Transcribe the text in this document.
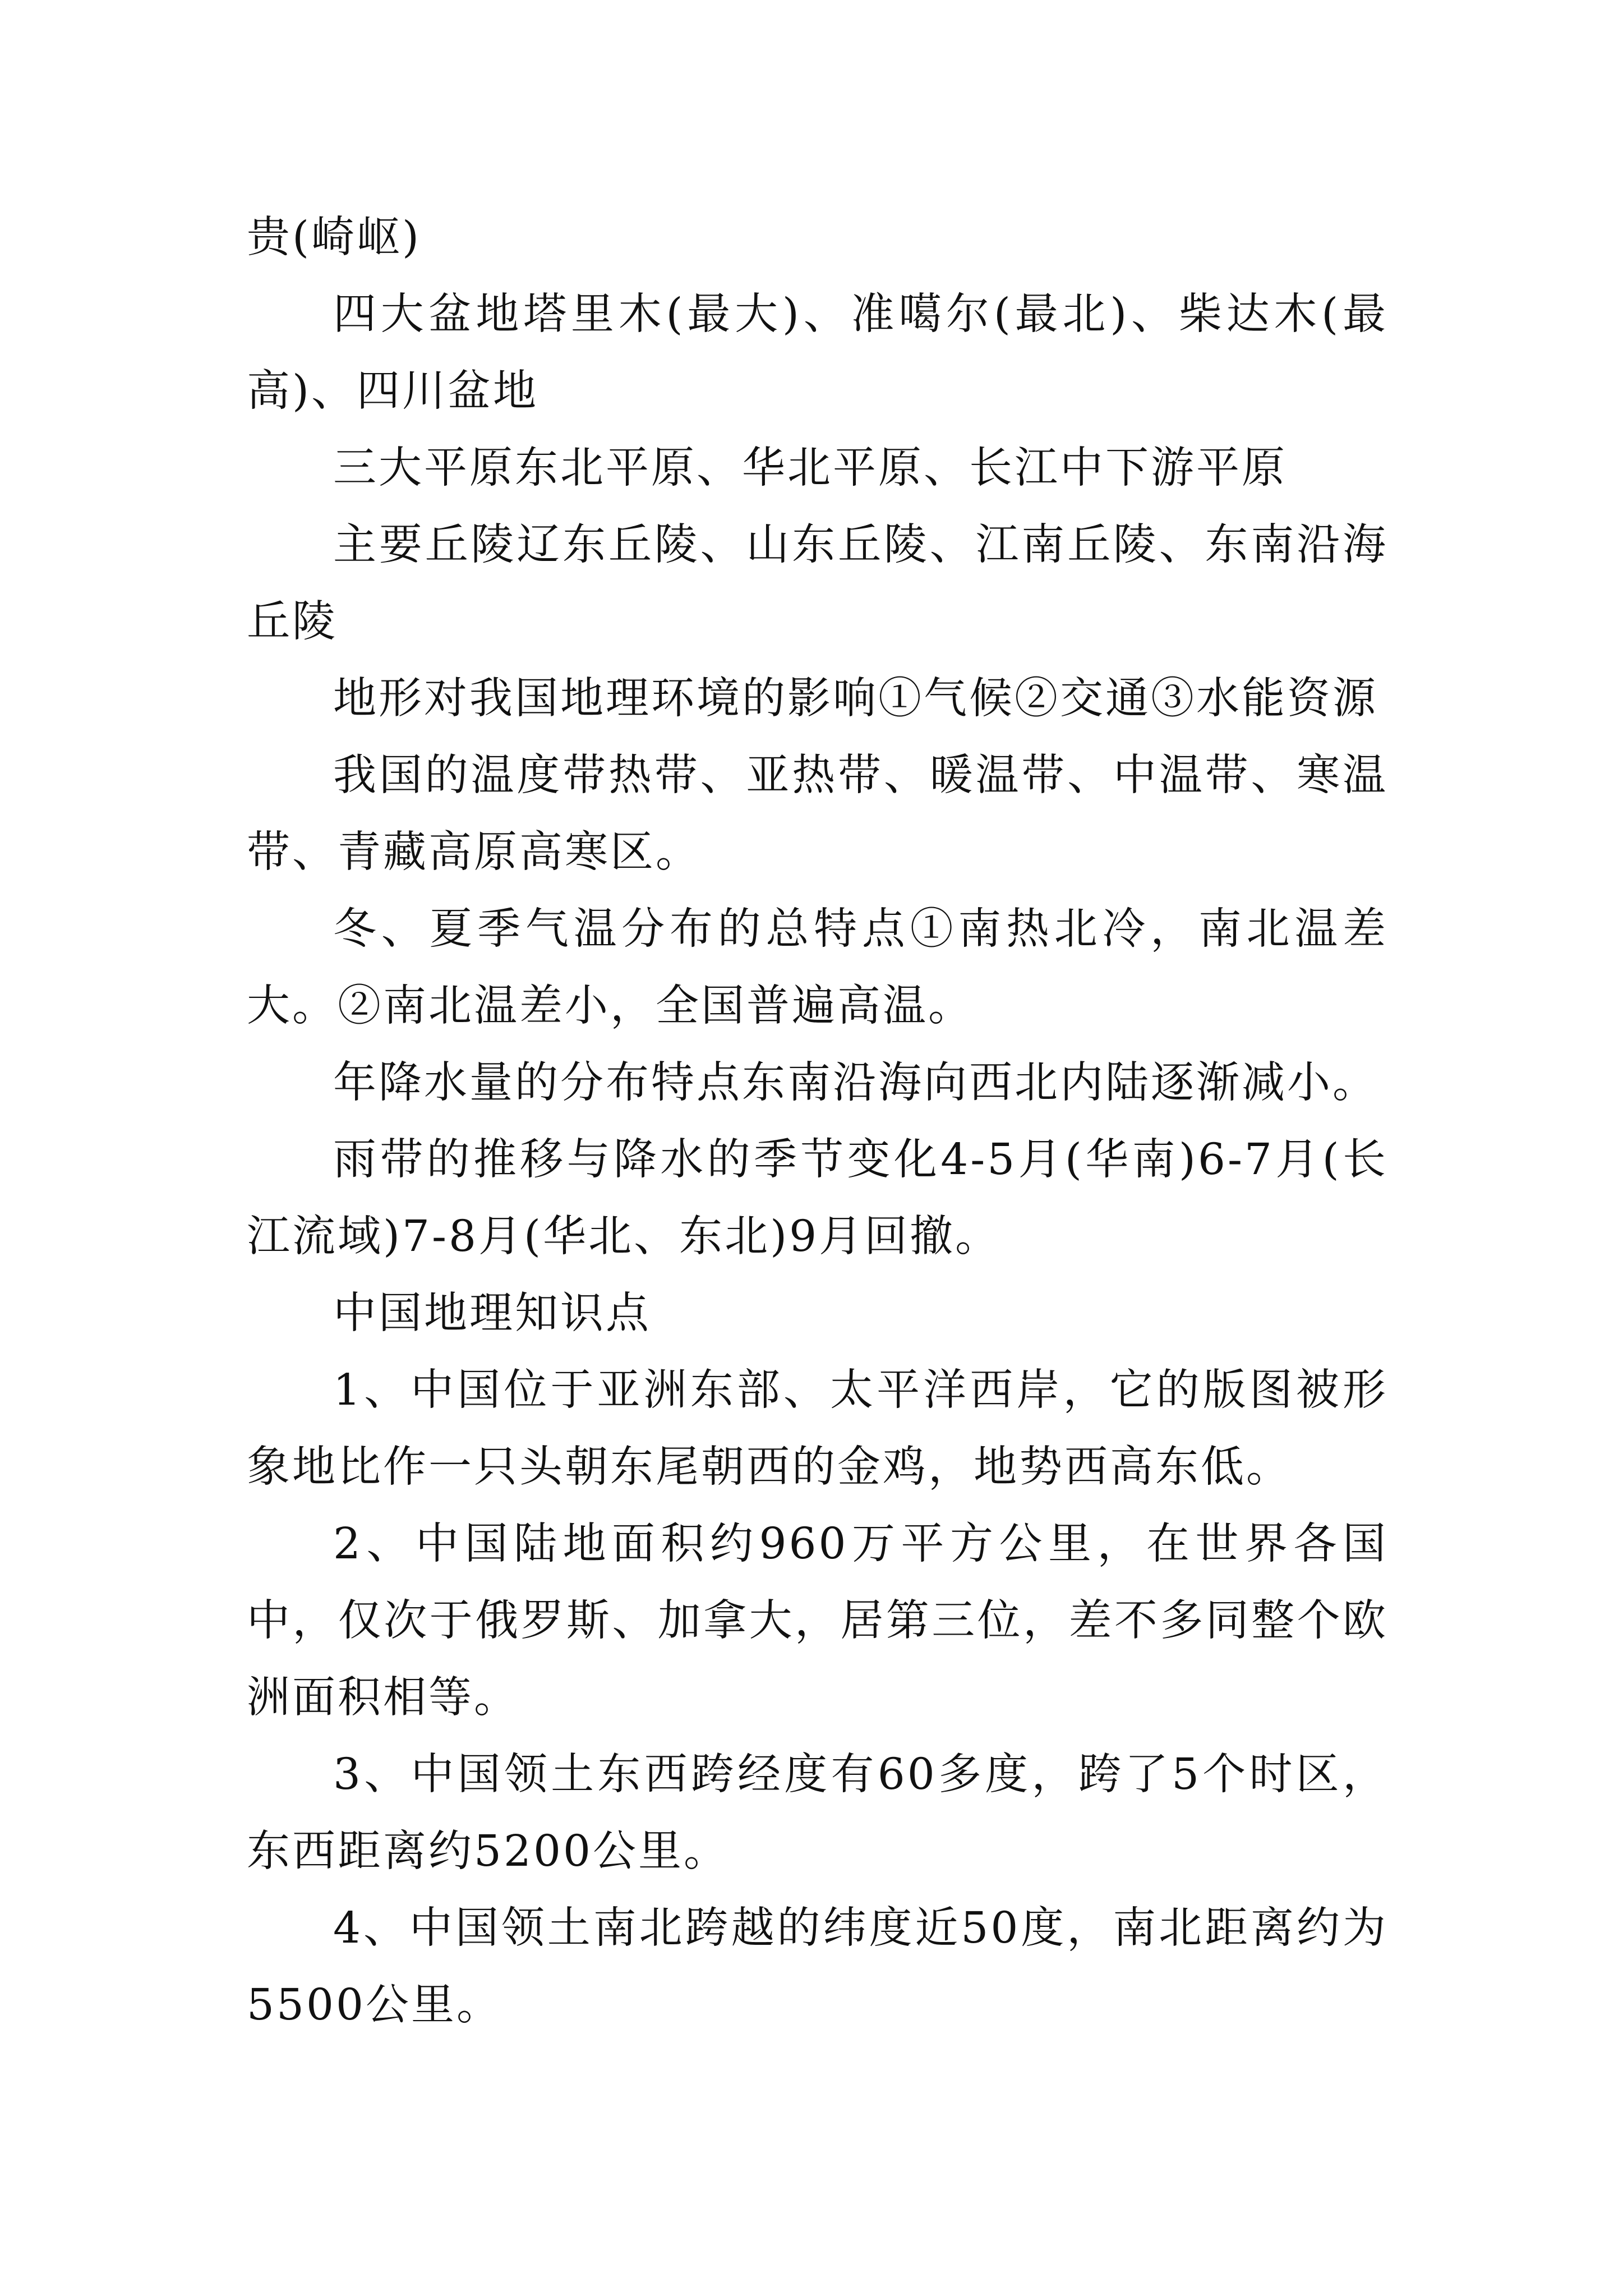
贵(崎岖)

四大盆地塔里木(最大)、准噶尔(最北)、柴达木(最高)、四川盆地

三大平原东北平原、华北平原、长江中下游平原

主要丘陵辽东丘陵、山东丘陵、江南丘陵、东南沿海丘陵

地形对我国地理环境的影响①气候②交通③水能资源

我国的温度带热带、亚热带、暖温带、中温带、寒温带、青藏高原高寒区。

冬、夏季气温分布的总特点①南热北冷，南北温差大。②南北温差小，全国普遍高温。

年降水量的分布特点东南沿海向西北内陆逐渐减小。

雨带的推移与降水的季节变化4-5月(华南)6-7月(长江流域)7-8月(华北、东北)9月回撤。

中国地理知识点

1、中国位于亚洲东部、太平洋西岸，它的版图被形象地比作一只头朝东尾朝西的金鸡，地势西高东低。

2、中国陆地面积约960万平方公里，在世界各国中，仅次于俄罗斯、加拿大，居第三位，差不多同整个欧洲面积相等。

3、中国领土东西跨经度有60多度，跨了5个时区，东西距离约5200公里。

4、中国领土南北跨越的纬度近50度，南北距离约为5500公里。
